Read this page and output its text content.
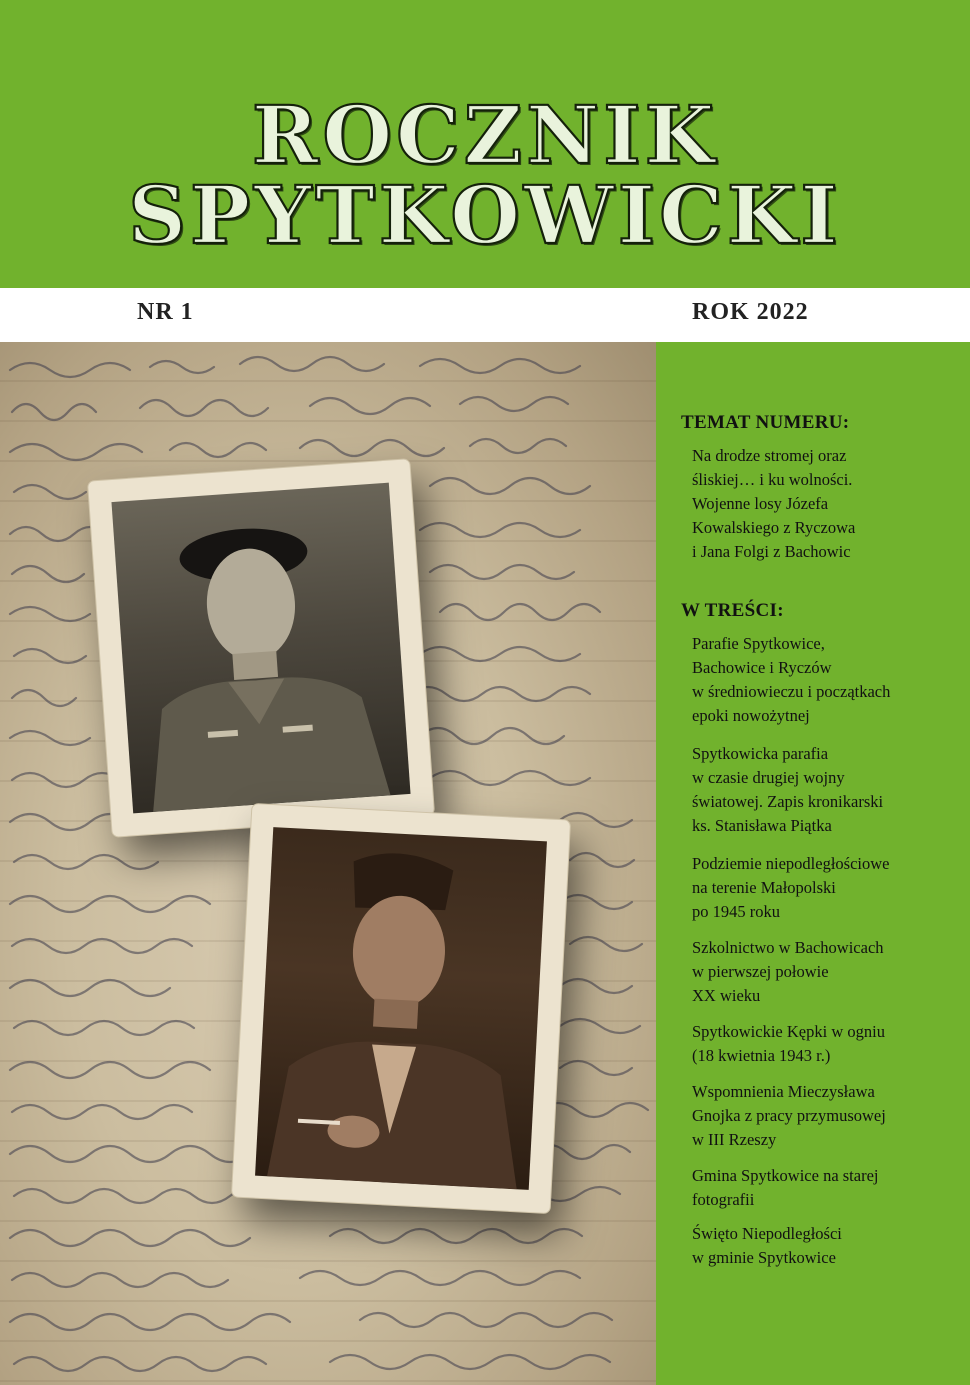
ROCZNIK
SPYTKOWICKI
NR 1	ROK 2022
TEMAT NUMERU:
Na drodze stromej oraz
śliskiej… i ku wolności.
Wojenne losy Józefa
Kowalskiego z Ryczowa
i Jana Folgi z Bachowic
W TREŚCI:
Parafie Spytkowice,
Bachowice i Ryczów
w średniowieczu i początkach
epoki nowożytnej
Spytkowicka parafia
w czasie drugiej wojny
światowej. Zapis kronikarski
ks. Stanisława Piątka
Podziemie niepodległościowe
na terenie Małopolski
po 1945 roku
Szkolnictwo w Bachowicach
w pierwszej połowie
XX wieku
Spytkowickie Kępki w ogniu
(18 kwietnia 1943 r.)
Wspomnienia Mieczysława
Gnojka z pracy przymusowej
w III Rzeszy
Gmina Spytkowice na starej
fotografii
Święto Niepodległości
w gminie Spytkowice
